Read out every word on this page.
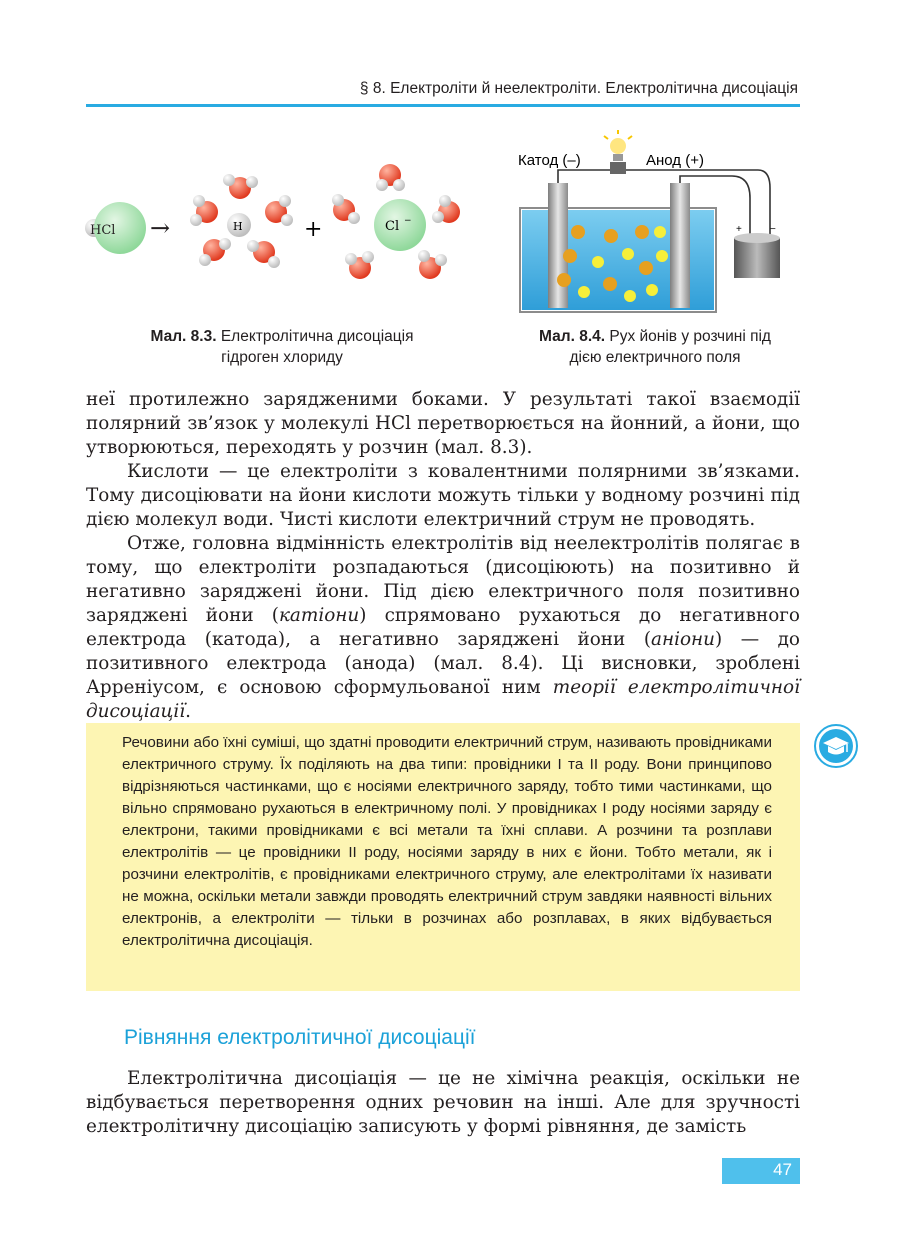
§ 8. Електроліти й неелектроліти. Електролітична дисоціація
HCl →	H	+	Cl −
Мал. 8.3. Електролітична дисоціація
гідроген хлориду
Катод (–)	Анод (+)
+	−
Мал. 8.4. Рух йонів у розчині під
дією електричного поля

неї протилежно зарядженими боками. У результаті такої взаємодії полярний зв’язок у молекулі HCl перетворюється на йонний, а йони, що утворюються, переходять у розчин (мал. 8.3).

Кислоти — це електроліти з ковалентними полярними зв’язками. Тому дисоціювати на йони кислоти можуть тільки у водному розчині під дією молекул води. Чисті кислоти електричний струм не проводять.

Отже, головна відмінність електролітів від неелектролітів полягає в тому, що електроліти розпадаються (дисоціюють) на позитивно й негативно заряджені йони. Під дією електричного поля позитивно заряджені йони (катіони) спрямовано рухаються до негативного електрода (катода), а негативно заряджені йони (аніони) — до позитивного електрода (анода) (мал. 8.4). Ці висновки, зроблені Арреніусом, є основою сформульованої ним теорії електролітичної дисоціації.

Речовини або їхні суміші, що здатні проводити електричний струм, називають провідниками електричного струму. Їх поділяють на два типи: провідники І та ІІ роду. Вони принципово відрізняються частинками, що є носіями електричного заряду, тобто тими частинками, що вільно спрямовано рухаються в електричному полі. У провідниках І роду носіями заряду є електрони, такими провідниками є всі метали та їхні сплави. А розчини та розплави електролітів — це провідники ІІ роду, носіями заряду в них є йони. Тобто метали, як і розчини електролітів, є провідниками електричного струму, але електролітами їх називати не можна, оскільки метали завжди проводять електричний струм завдяки наявності вільних електронів, а електроліти — тільки в розчинах або розплавах, в яких відбувається електролітична дисоціація.

Рівняння електролітичної дисоціації

Електролітична дисоціація — це не хімічна реакція, оскільки не відбувається перетворення одних речовин на інші. Але для зручності електролітичну дисоціацію записують у формі рівняння, де замість

47
